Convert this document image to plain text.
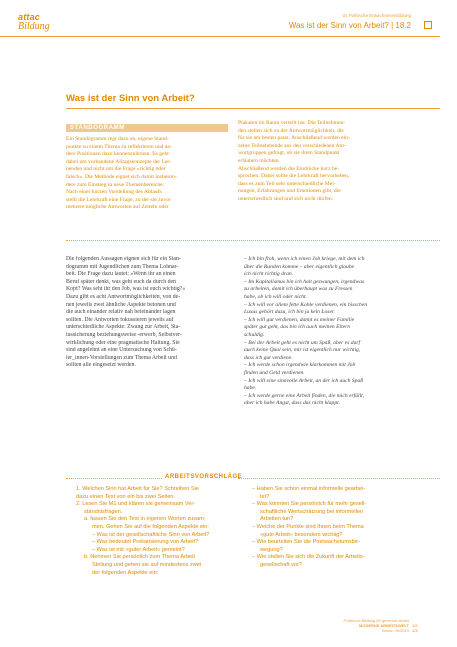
attac
Bildung
01 Politische Erwachsenenbildung
Was ist der Sinn von Arbeit? | 18.2
Was ist der Sinn von Arbeit?
STANDOGRAMM
Ein Standogramm regt dazu an, eigene Stand-
punkte zu einem Thema zu reflektieren und an-
dere Positionen dazu kennenzulernen. Es geht
dabei um vorhandene Alltagskonzepte der Ler-
nenden und nicht um die Frage »richtig oder
falsch«. Die Methode eignet sich damit insbeson-
dere zum Einstieg in neue Themenbereiche.
Nach einer kurzen Vorstellung des Ablaufs
stellt die Lehrkraft eine Frage, zu der sie zuvor
mehrere mögliche Antworten auf Zetteln oder
Plakaten im Raum verteilt hat. Die Teilnehmen-
den stellen sich zu der Antwortmöglichkeit, die
für sie am besten passt. Anschließend werden ein-
zelne Teilnehmende aus den verschiedenen Ant-
wortgruppen gefragt, ob sie ihren Standpunkt
erläutern möchten.
Abschließend werden die Eindrücke kurz be-
sprochen. Dabei sollte die Lehrkraft hervorheben,
dass es zum Teil sehr unterschiedliche Mei-
nungen, Erfahrungen und Emotionen gibt, die
unterschiedlich sind und sich nicht dürfen.
Die folgenden Aussagen eignen sich für ein Stan-
dogramm mit Jugendlichen zum Thema Lohnar-
beit. Die Frage dazu lautet: »Wenn ihr an einen
Beruf später denkt, was geht euch da durch den
Kopf? Was seht ihr den Job, was ist euch wichtig?«
Dazu gibt es acht Antwortmöglichkeiten, von de-
nen jeweils zwei ähnliche Aspekte betonen und
die auch einander relativ nah beieinander lagen
sollten. Die Antworten fokussieren jeweils auf
unterschiedliche Aspekte: Zwang zur Arbeit, Sta-
tussicherung beziehungsweise -erwerb, Selbstver-
wirklichung oder eine pragmatische Haltung. Sie
sind angelehnt an eine Untersuchung von Schü-
ler_innen-Vorstellungen zum Thema Arbeit und
sollten alle eingesetzt werden.
– Ich bin froh, wenn ich einen Job kriege, mit dem ich
über die Runden komme – aber eigentlich glaube
ich nicht richtig dran.
– Im Kapitalismus bin ich halt gezwungen, irgendwas
zu arbeiten, damit ich überhaupt was zu Fressen
habe, ob ich will oder nicht.
– Ich will vor allem fette Kohle verdienen, ein bisschen
Luxus gehört dazu, ich bin ja kein Loser.
– Ich will gut verdienen, damit es meiner Familie
später gut geht, das bin ich auch meinen Eltern
schuldig.
– Bei der Arbeit geht es nicht um Spaß, aber es darf
auch keine Qual sein, mir ist eigentlich nur wichtig,
dass ich gut verdiene.
– Ich werde schon irgendwie klarkommen mit Job
finden und Geld verdienen.
– Ich will eine sinnvolle Arbeit, an der ich auch Spaß
habe.
– Ich werde gerne eine Arbeit finden, die mich erfüllt,
aber ich habe Angst, dass das nicht klappt.
ARBEITSVORSCHLÄGE
1. Welchen Sinn hat Arbeit für Sie? Schreiben Sie
dazu einen Text von ein bis zwei Seiten.
2. Lesen Sie M1 und klären sie gemeinsam Ver-
ständnisfragen.
a. fassen Sie den Text in eigenen Worten zusam-
men. Gehen Sie auf die folgenden Aspekte ein:
– Was ist der gesellschaftliche Sinn von Arbeit?
– Was bedeutet Prekarisierung von Arbeit?
– Was ist mit »guter Arbeit« gemeint?
b. Nehmen Sie persönlich zum Thema Arbeit
Stellung und gehen sie auf mindestens zwei
der folgenden Aspekte ein:
– Haben Sie schon einmal informelle gearbei-
tet?
– Was könnten Sie persönlich für mehr gesell-
schaftliche Wertschätzung bei informellen
Arbeiten tun?
– Welche der Punkte sind Ihnen beim Thema
»gute Arbeit« besonders wichtig?
– Wie beurteilen Sie die Postwachstumsbe-
wegung?
– Wie stellen Sie sich die Zukunft der Arbeits-
gesellschaft vor?
Politische Bildung für gerechte Arbeit
MODERNE ARBEITSWELT
Stand: 06/2019
1/2
1/3
